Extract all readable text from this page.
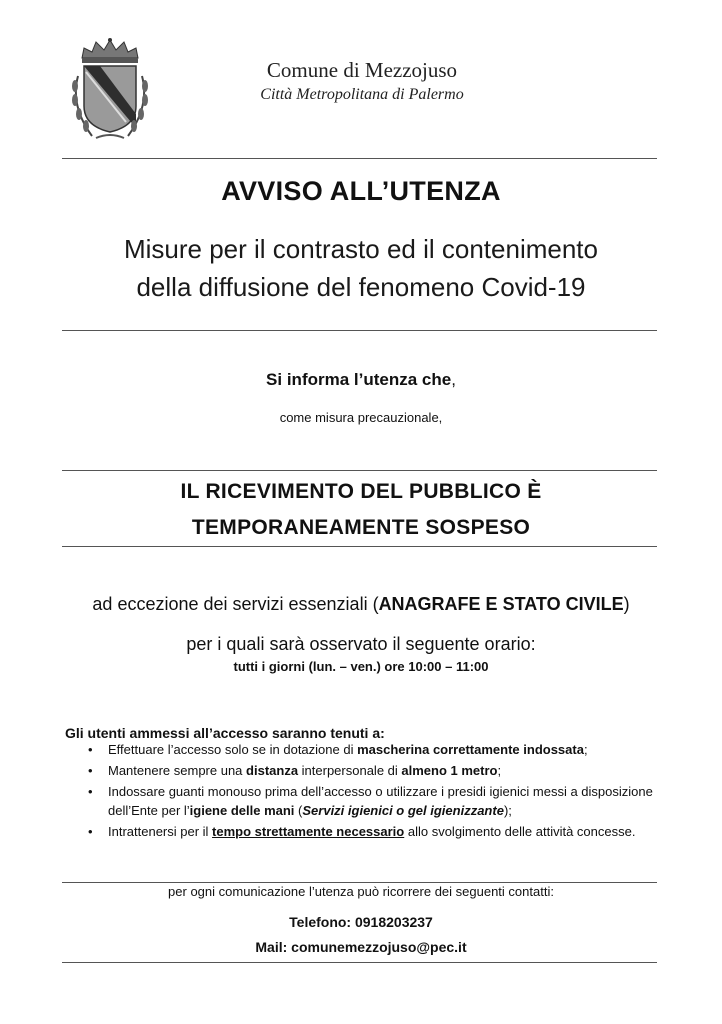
Comune di Mezzojuso
Città Metropolitana di Palermo
AVVISO ALL’UTENZA
Misure per il contrasto ed il contenimento
della diffusione del fenomeno Covid-19
Si informa l’utenza che,
come misura precauzionale,
IL RICEVIMENTO DEL PUBBLICO È
TEMPORANEAMENTE SOSPESO
ad eccezione dei servizi essenziali (ANAGRAFE E STATO CIVILE)
per i quali sarà osservato il seguente orario:
tutti i giorni (lun. – ven.) ore 10:00 – 11:00
Gli utenti ammessi all’accesso saranno tenuti a:
• Effettuare l’accesso solo se in dotazione di mascherina correttamente indossata;
• Mantenere sempre una distanza interpersonale di almeno 1 metro;
• Indossare guanti monouso prima dell’accesso o utilizzare i presidi igienici messi a disposizione dell’Ente per l’igiene delle mani (Servizi igienici o gel igienizzante);
• Intrattenersi per il tempo strettamente necessario allo svolgimento delle attività concesse.
per ogni comunicazione l’utenza può ricorrere dei seguenti contatti:
Telefono: 0918203237
Mail: comunemezzojuso@pec.it
